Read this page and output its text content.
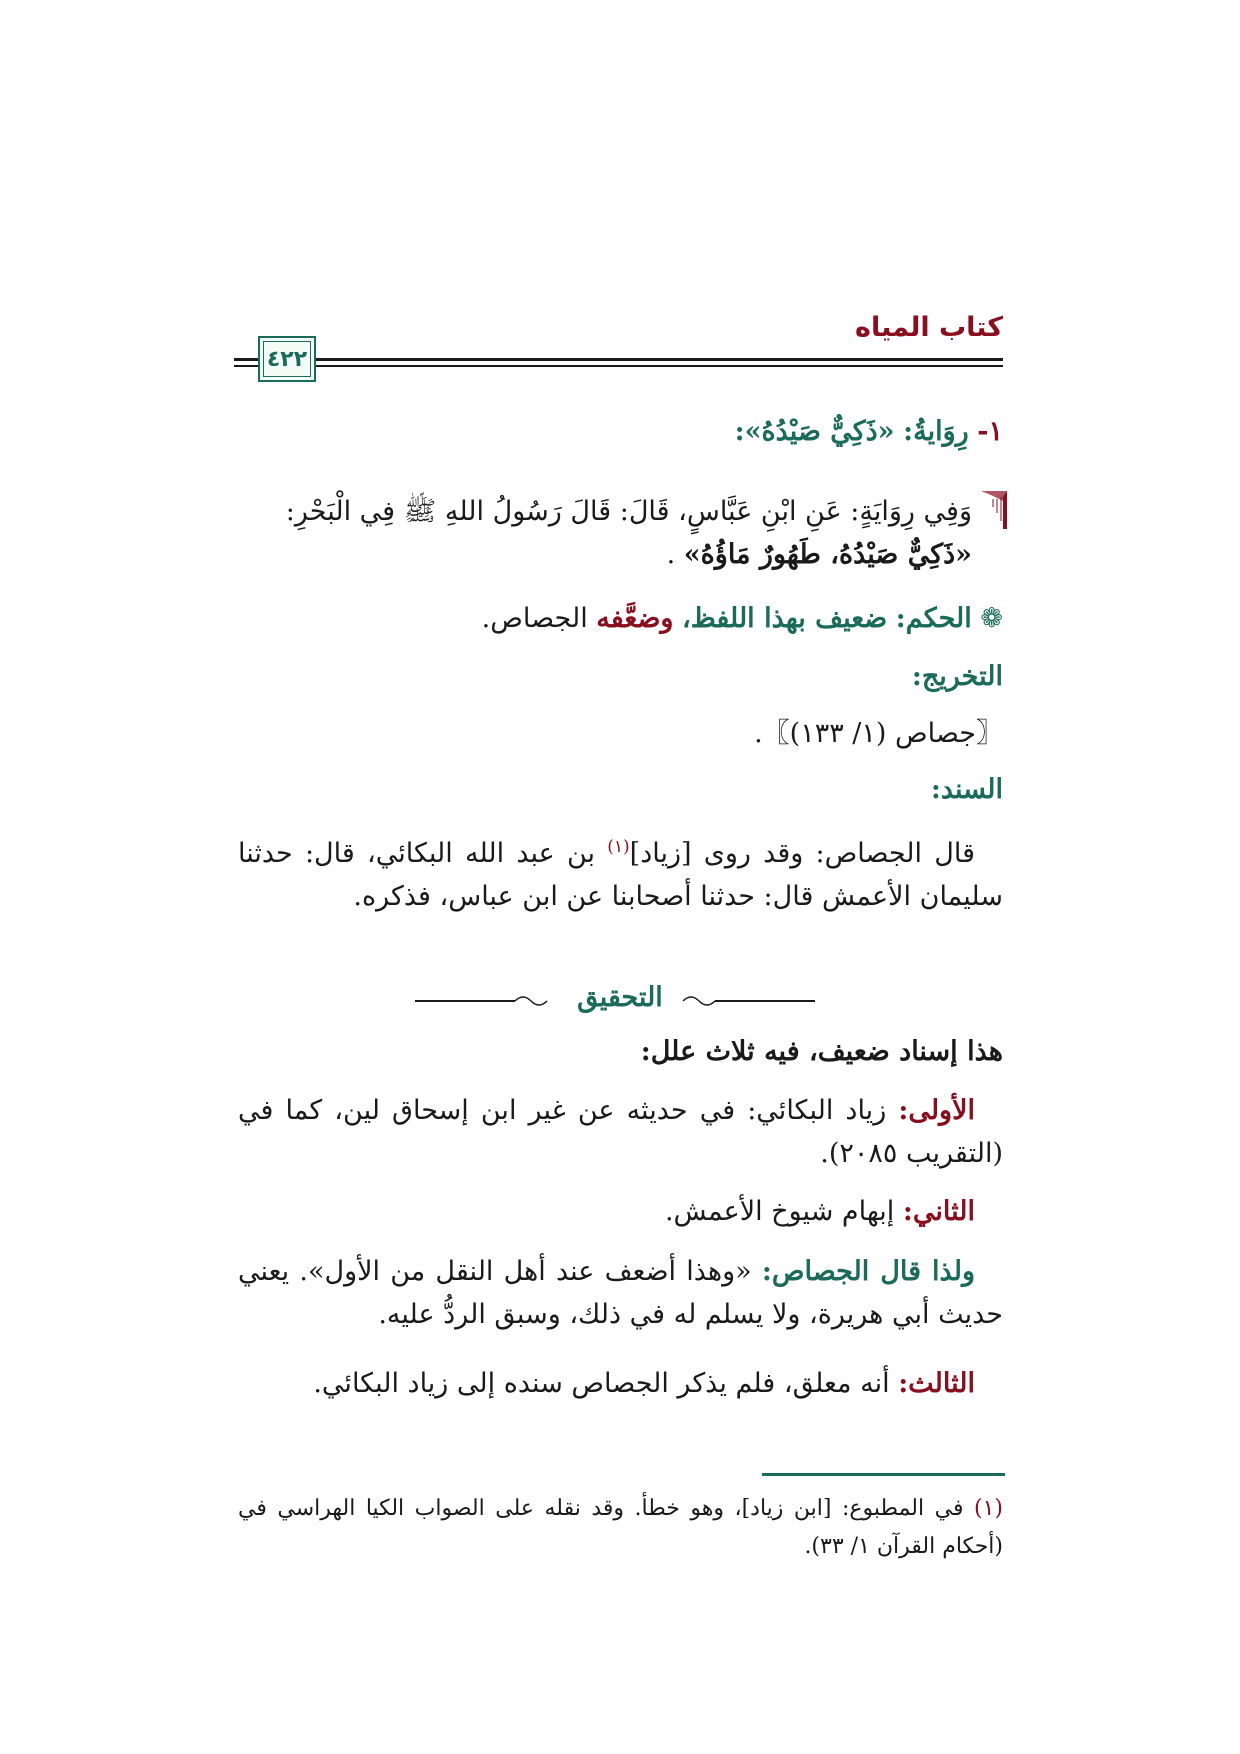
كتاب المياه
٤٢٢
١- رِوَايةُ: «ذَكِيٌّ صَيْدُهُ»:
وَفِي رِوَايَةٍ: عَنِ ابْنِ عَبَّاسٍ، قَالَ: قَالَ رَسُولُ اللهِ ﷺ فِي الْبَحْرِ:
«ذَكِيٌّ صَيْدُهُ، طَهُورٌ مَاؤُهُ» .
❁ الحكم: ضعيف بهذا اللفظ، وضعَّفه الجصاص.
التخريج:
〖جصاص (١/ ١٣٣)〗.
السند:
قال الجصاص: وقد روى [زياد]$^{(١)}$ بن عبد الله البكائي، قال: حدثنا سليمان الأعمش قال: حدثنا أصحابنا عن ابن عباس، فذكره.
التحقيق
هذا إسناد ضعيف، فيه ثلاث علل:
الأولى: زياد البكائي: في حديثه عن غير ابن إسحاق لين، كما في (التقريب ٢٠٨٥).
الثاني: إبهام شيوخ الأعمش.
ولذا قال الجصاص: «وهذا أضعف عند أهل النقل من الأول». يعني حديث أبي هريرة، ولا يسلم له في ذلك، وسبق الردُّ عليه.
الثالث: أنه معلق، فلم يذكر الجصاص سنده إلى زياد البكائي.
(١) في المطبوع: [ابن زياد]، وهو خطأ. وقد نقله على الصواب الكيا الهراسي في (أحكام القرآن ١/ ٣٣).
